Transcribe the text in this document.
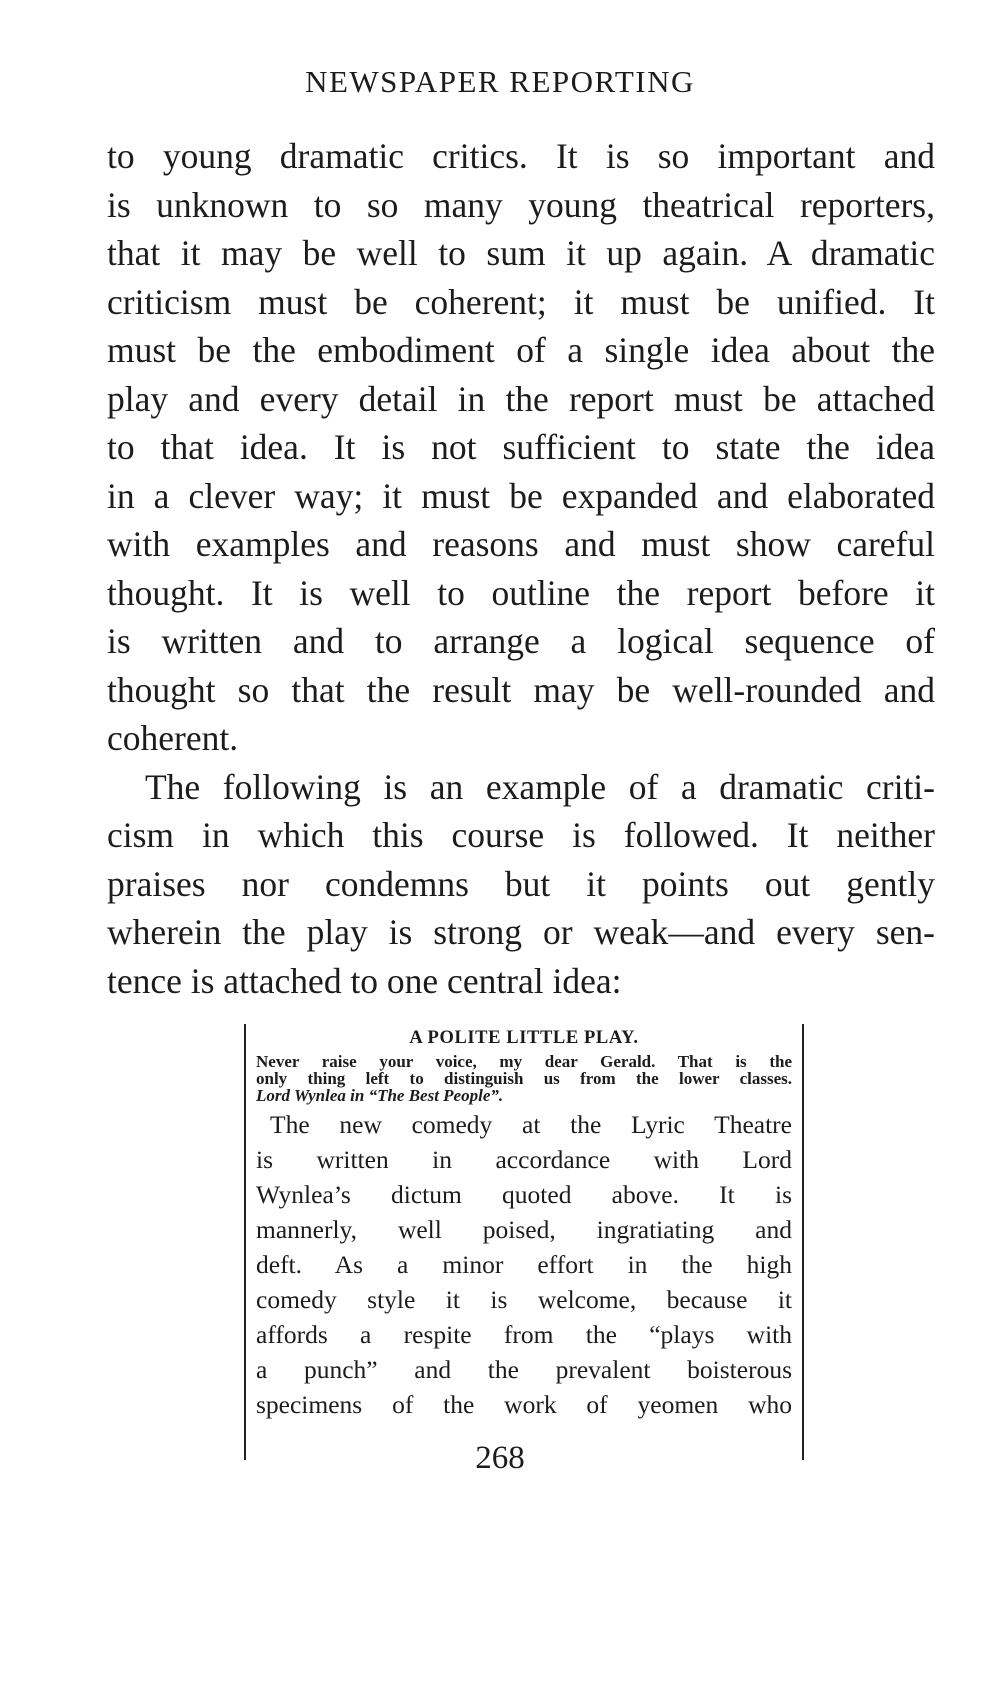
NEWSPAPER REPORTING
to young dramatic critics. It is so important and
is unknown to so many young theatrical reporters,
that it may be well to sum it up again. A dramatic
criticism must be coherent; it must be unified. It
must be the embodiment of a single idea about the
play and every detail in the report must be attached
to that idea. It is not sufficient to state the idea
in a clever way; it must be expanded and elaborated
with examples and reasons and must show careful
thought. It is well to outline the report before it
is written and to arrange a logical sequence of
thought so that the result may be well-rounded and
coherent.
The following is an example of a dramatic criti-
cism in which this course is followed. It neither
praises nor condemns but it points out gently
wherein the play is strong or weak—and every sen-
tence is attached to one central idea:
A POLITE LITTLE PLAY.
Never raise your voice, my dear Gerald. That is the
only thing left to distinguish us from the lower classes.
Lord Wynlea in “The Best People”.
The new comedy at the Lyric Theatre
is written in accordance with Lord
Wynlea’s dictum quoted above. It is
mannerly, well poised, ingratiating and
deft. As a minor effort in the high
comedy style it is welcome, because it
affords a respite from the “plays with
a punch” and the prevalent boisterous
specimens of the work of yeomen who
268
